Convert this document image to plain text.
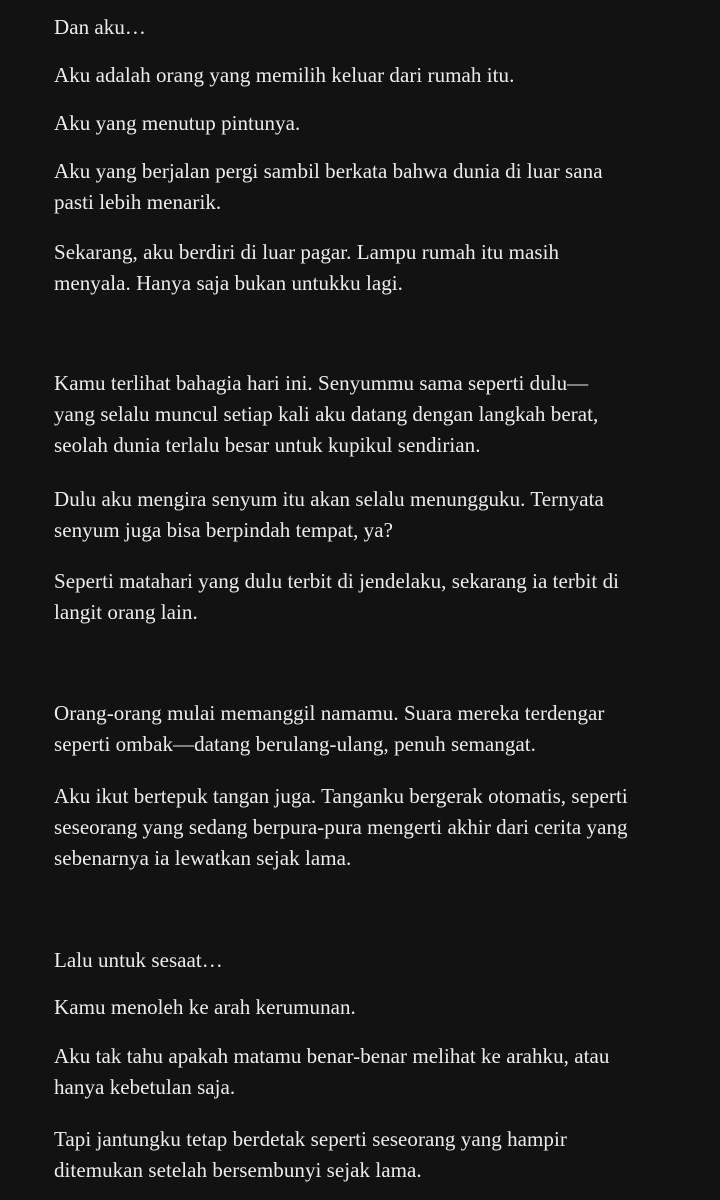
Dan aku…

Aku adalah orang yang memilih keluar dari rumah itu.

Aku yang menutup pintunya.

Aku yang berjalan pergi sambil berkata bahwa dunia di luar sana
pasti lebih menarik.

Sekarang, aku berdiri di luar pagar. Lampu rumah itu masih
menyala. Hanya saja bukan untukku lagi.

Kamu terlihat bahagia hari ini. Senyummu sama seperti dulu—
yang selalu muncul setiap kali aku datang dengan langkah berat,
seolah dunia terlalu besar untuk kupikul sendirian.

Dulu aku mengira senyum itu akan selalu menungguku. Ternyata
senyum juga bisa berpindah tempat, ya?

Seperti matahari yang dulu terbit di jendelaku, sekarang ia terbit di
langit orang lain.

Orang-orang mulai memanggil namamu. Suara mereka terdengar
seperti ombak—datang berulang-ulang, penuh semangat.

Aku ikut bertepuk tangan juga. Tanganku bergerak otomatis, seperti
seseorang yang sedang berpura-pura mengerti akhir dari cerita yang
sebenarnya ia lewatkan sejak lama.

Lalu untuk sesaat…

Kamu menoleh ke arah kerumunan.

Aku tak tahu apakah matamu benar-benar melihat ke arahku, atau
hanya kebetulan saja.

Tapi jantungku tetap berdetak seperti seseorang yang hampir
ditemukan setelah bersembunyi sejak lama.
